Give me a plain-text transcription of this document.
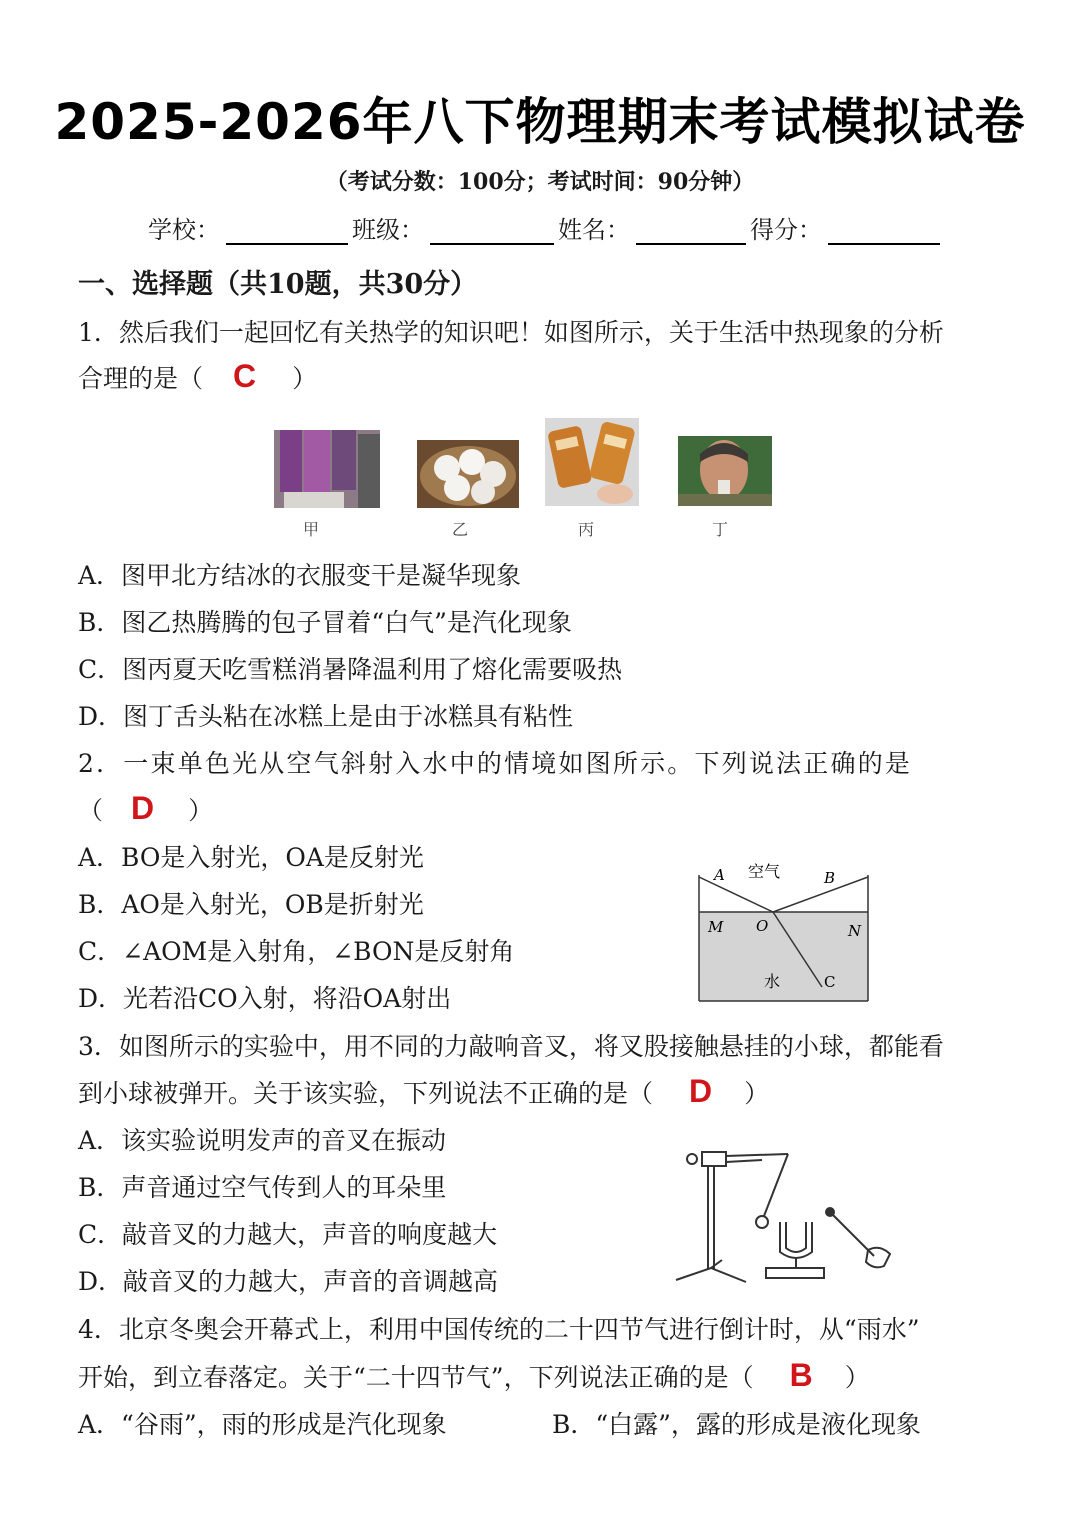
2025-2026年八下物理期末考试模拟试卷
（考试分数：100分；考试时间：90分钟）
学校：	班级：	姓名：	得分：
一、选择题（共10题，共30分）
1．然后我们一起回忆有关热学的知识吧！如图所示，关于生活中热现象的分析
合理的是（ C ）
甲	乙	丙	丁
A．图甲北方结冰的衣服变干是凝华现象
B．图乙热腾腾的包子冒着“白气”是汽化现象
C．图丙夏天吃雪糕消暑降温利用了熔化需要吸热
D．图丁舌头粘在冰糕上是由于冰糕具有粘性
2．一束单色光从空气斜射入水中的情境如图所示。下列说法正确的是
（ D ）
A．BO是入射光，OA是反射光
B．AO是入射光，OB是折射光
C．∠AOM是入射角，∠BON是反射角
D．光若沿CO入射，将沿OA射出
A 空气	B
M O	N
水	C
3．如图所示的实验中，用不同的力敲响音叉，将叉股接触悬挂的小球，都能看
到小球被弹开。关于该实验，下列说法不正确的是（ D ）
A．该实验说明发声的音叉在振动
B．声音通过空气传到人的耳朵里
C．敲音叉的力越大，声音的响度越大
D．敲音叉的力越大，声音的音调越高
4．北京冬奥会开幕式上，利用中国传统的二十四节气进行倒计时，从“雨水”
开始，到立春落定。关于“二十四节气”，下列说法正确的是（ B ）
A．“谷雨”，雨的形成是汽化现象	B．“白露”，露的形成是液化现象
